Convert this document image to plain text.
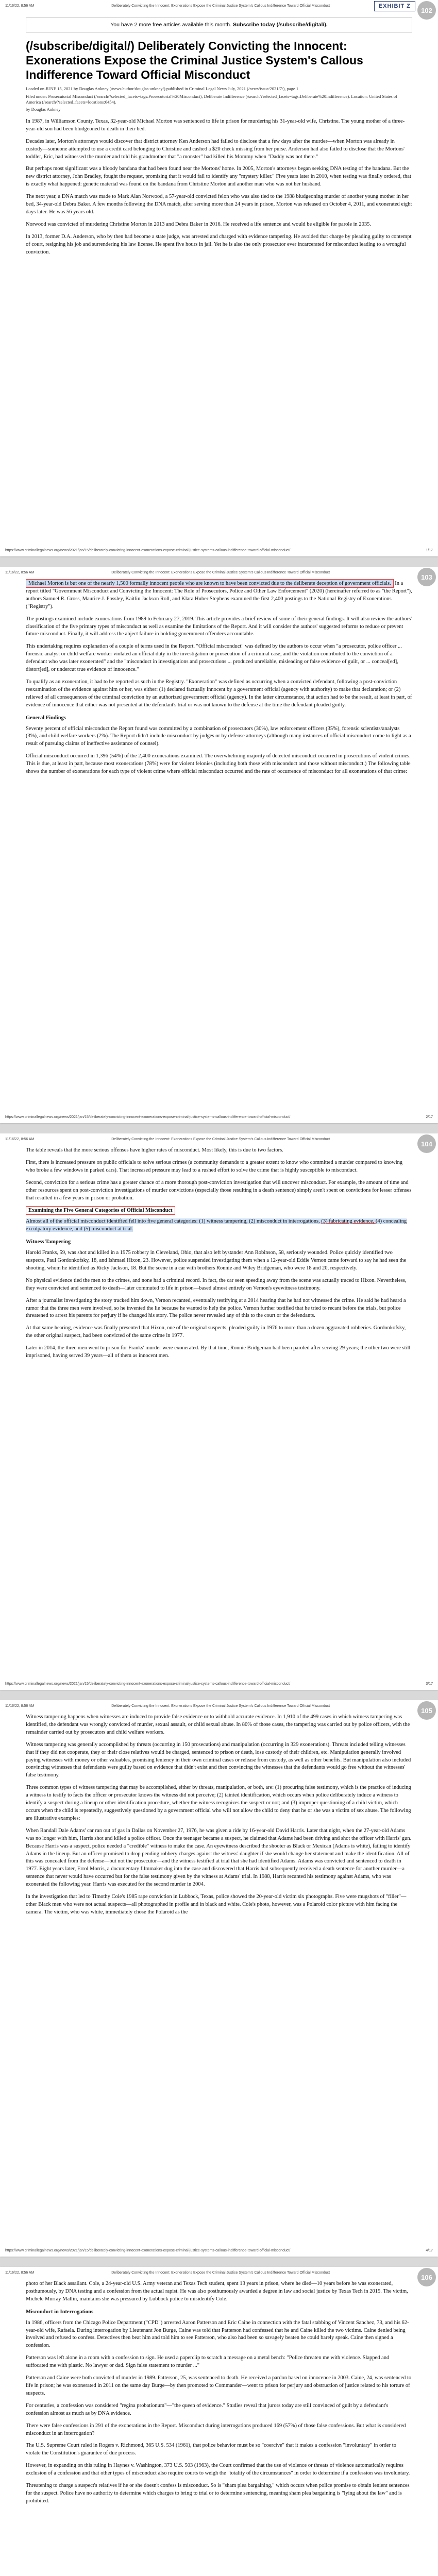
11/16/22, 8:56 AM	Deliberately Convicting the Innocent: Exonerations Expose the Criminal Justice System's Callous Indifference Toward Official Misconduct	EXHIBIT Z
102
You have 2 more free articles available this month. Subscribe today (/subscribe/digital/).
(/subscribe/digital/) Deliberately Convicting the Innocent: Exonerations Expose the Criminal Justice System's Callous Indifference Toward Official Misconduct
Loaded on JUNE 15, 2021 by Douglas Ankney (/news/author/douglas-ankney/) published in Criminal Legal News July, 2021 (/news/issue/2021/7/), page 1
Filed under: Prosecutorial Misconduct (/search/?selected_facets=tags:Prosecutorial%20Misconduct), Deliberate Indifference (/search/?selected_facets=tags:Deliberate%20Indifference). Location: United States of America (/search/?selected_facets=locations:6454).
by Douglas Ankney

In 1987, in Williamson County, Texas, 32-year-old Michael Morton was sentenced to life in prison for murdering his 31-year-old wife, Christine. The young mother of a three-year-old son had been bludgeoned to death in their bed.

Decades later, Morton's attorneys would discover that district attorney Ken Anderson had failed to disclose that a few days after the murder—when Morton was already in custody—someone attempted to use a credit card belonging to Christine and cashed a $20 check missing from her purse. Anderson had also failed to disclose that the Mortons' toddler, Eric, had witnessed the murder and told his grandmother that "a monster" had killed his Mommy when "Daddy was not there."

But perhaps most significant was a bloody bandana that had been found near the Mortons' home. In 2005, Morton's attorneys began seeking DNA testing of the bandana. But the new district attorney, John Bradley, fought the request, promising that it would fail to identify any "mystery killer." Five years later in 2010, when testing was finally ordered, that is exactly what happened: genetic material was found on the bandana from Christine Morton and another man who was not her husband.

The next year, a DNA match was made to Mark Alan Norwood, a 57-year-old convicted felon who was also tied to the 1988 bludgeoning murder of another young mother in her bed, 34-year-old Debra Baker. A few months following the DNA match, after serving more than 24 years in prison, Morton was released on October 4, 2011, and exonerated eight days later. He was 56 years old.

Norwood was convicted of murdering Christine Morton in 2013 and Debra Baker in 2016. He received a life sentence and would be eligible for parole in 2035.

In 2013, former D.A. Anderson, who by then had become a state judge, was arrested and charged with evidence tampering. He avoided that charge by pleading guilty to contempt of court, resigning his job and surrendering his law license. He spent five hours in jail. Yet he is also the only prosecutor ever incarcerated for misconduct leading to a wrongful conviction.

https://www.criminallegalnews.org/news/2021/jan/15/deliberately-convicting-innocent-exonerations-expose-criminal-justice-systems-callous-indifference-toward-official-misconduct/	1/17
11/16/22, 8:56 AM	Deliberately Convicting the Innocent: Exonerations Expose the Criminal Justice System's Callous Indifference Toward Official Misconduct
103

Michael Morton is but one of the nearly 1,500 formally innocent people who are known to have been convicted due to the deliberate deception of government officials. In a report titled "Government Misconduct and Convicting the Innocent: The Role of Prosecutors, Police and Other Law Enforcement" (2020) (hereinafter referred to as "the Report"), authors Samuel R. Gross, Maurice J. Possley, Kaitlin Jackson Roll, and Klara Huber Stephens examined the first 2,400 postings to the National Registry of Exonerations ("Registry").

The postings examined include exonerations from 1989 to February 27, 2019. This article provides a brief review of some of their general findings. It will also review the authors' classification of the five primary types of misconduct as well as examine the limitations of the Report. And it will consider the authors' suggested reforms to reduce or prevent future misconduct. Finally, it will address the abject failure in holding government offenders accountable.

This undertaking requires explanation of a couple of terms used in the Report. "Official misconduct" was defined by the authors to occur when "a prosecutor, police officer ... forensic analyst or child welfare worker violated an official duty in the investigation or prosecution of a criminal case, and the violation contributed to the conviction of a defendant who was later exonerated" and the "misconduct in investigations and prosecutions ... produced unreliable, misleading or false evidence of guilt, or ... conceal[ed], distort[ed], or undercut true evidence of innocence."

To qualify as an exoneration, it had to be reported as such in the Registry. "Exoneration" was defined as occurring when a convicted defendant, following a post-conviction reexamination of the evidence against him or her, was either: (1) declared factually innocent by a government official (agency with authority) to make that declaration; or (2) relieved of all consequences of the criminal conviction by an authorized government official (agency). In the latter circumstance, that action had to be the result, at least in part, of evidence of innocence that either was not presented at the defendant's trial or was not known to the defense at the time the defendant pleaded guilty.

General Findings

Seventy percent of official misconduct the Report found was committed by a combination of prosecutors (30%), law enforcement officers (35%), forensic scientists/analysts (3%), and child welfare workers (2%). The Report didn't include misconduct by judges or by defense attorneys (although many instances of official misconduct come to light as a result of pursuing claims of ineffective assistance of counsel).

Official misconduct occurred in 1,396 (54%) of the 2,400 exonerations examined. The overwhelming majority of detected misconduct occurred in prosecutions of violent crimes. This is due, at least in part, because most exonerations (78%) were for violent felonies (including both those with misconduct and those without misconduct.) The following table shows the number of exonerations for each type of violent crime where official misconduct occurred and the rate of occurrence of misconduct for all exonerations of that crime:

https://www.criminallegalnews.org/news/2021/jan/15/deliberately-convicting-innocent-exonerations-expose-criminal-justice-systems-callous-indifference-toward-official-misconduct/	2/17
11/16/22, 8:56 AM	Deliberately Convicting the Innocent: Exonerations Expose the Criminal Justice System's Callous Indifference Toward Official Misconduct
104

The table reveals that the more serious offenses have higher rates of misconduct. Most likely, this is due to two factors.

First, there is increased pressure on public officials to solve serious crimes (a community demands to a greater extent to know who committed a murder compared to knowing who broke a few windows in parked cars). That increased pressure may lead to a rushed effort to solve the crime that is highly susceptible to misconduct.

Second, conviction for a serious crime has a greater chance of a more thorough post-conviction investigation that will uncover misconduct. For example, the amount of time and other resources spent on post-conviction investigations of murder convictions (especially those resulting in a death sentence) simply aren't spent on convictions for lesser offenses that resulted in a few years in prison or probation.

Examining the Five General Categories of Official Misconduct

Almost all of the official misconduct identified fell into five general categories: (1) witness tampering, (2) misconduct in interrogations, (3) fabricating evidence, (4) concealing exculpatory evidence, and (5) misconduct at trial.

Witness Tampering

Harold Franks, 59, was shot and killed in a 1975 robbery in Cleveland, Ohio, that also left bystander Ann Robinson, 58, seriously wounded. Police quickly identified two suspects, Paul Gordonkofsky, 18, and Ishmael Hixon, 23. However, police suspended investigating them when a 12-year-old Eddie Vernon came forward to say he had seen the shooting, whom he identified as Ricky Jackson, 18. But the scene in a car with brothers Ronnie and Wiley Bridgeman, who were 18 and 20, respectively.

No physical evidence tied the men to the crimes, and none had a criminal record. In fact, the car seen speeding away from the scene was actually traced to Hixon. Nevertheless, they were convicted and sentenced to death—later commuted to life in prison—based almost entirely on Vernon's eyewitness testimony.

After a journalist investigating the story tracked him down, Vernon recanted, eventually testifying at a 2014 hearing that he had not witnessed the crime. He said he had heard a rumor that the three men were involved, so he invented the lie because he wanted to help the police. Vernon further testified that he tried to recant before the trials, but police threatened to arrest his parents for perjury if he changed his story. The police never revealed any of this to the court or the defendants.

At that same hearing, evidence was finally presented that Hixon, one of the original suspects, pleaded guilty in 1976 to more than a dozen aggravated robberies. Gordonkofsky, the other original suspect, had been convicted of the same crime in 1977.

Later in 2014, the three men went to prison for Franks' murder were exonerated. By that time, Ronnie Bridgeman had been paroled after serving 29 years; the other two were still imprisoned, having served 39 years—all of them as innocent men.

https://www.criminallegalnews.org/news/2021/jan/15/deliberately-convicting-innocent-exonerations-expose-criminal-justice-systems-callous-indifference-toward-official-misconduct/	3/17
11/16/22, 8:56 AM	Deliberately Convicting the Innocent: Exonerations Expose the Criminal Justice System's Callous Indifference Toward Official Misconduct
105

Witness tampering happens when witnesses are induced to provide false evidence or to withhold accurate evidence. In 1,910 of the 499 cases in which witness tampering was identified, the defendant was wrongly convicted of murder, sexual assault, or child sexual abuse. In 80% of those cases, the tampering was carried out by police officers, with the remainder carried out by prosecutors and child welfare workers.

Witness tampering was generally accomplished by threats (occurring in 150 prosecutions) and manipulation (occurring in 329 exonerations). Threats included telling witnesses that if they did not cooperate, they or their close relatives would be charged, sentenced to prison or death, lose custody of their children, etc. Manipulation generally involved paying witnesses with money or other valuables, promising leniency in their own criminal cases or release from custody, as well as other benefits. But manipulation also included convincing witnesses that defendants were guilty based on evidence that didn't exist and then convincing the witnesses that the defendants would go free without the witnesses' false testimony.

Three common types of witness tampering that may be accomplished, either by threats, manipulation, or both, are: (1) procuring false testimony, which is the practice of inducing a witness to testify to facts the officer or prosecutor knows the witness did not perceive; (2) tainted identification, which occurs when police deliberately induce a witness to identify a suspect during a lineup or other identification procedure, whether the witness recognizes the suspect or not; and (3) improper questioning of a child victim, which occurs when the child is repeatedly, suggestively questioned by a government official who will not allow the child to deny that he or she was a victim of sex abuse. The following are illustrative examples:

When Randall Dale Adams' car ran out of gas in Dallas on November 27, 1976, he was given a ride by 16-year-old David Harris. Later that night, when the 27-year-old Adams was no longer with him, Harris shot and killed a police officer. Once the teenager became a suspect, he claimed that Adams had been driving and shot the officer with Harris' gun. Because Harris was a suspect, police needed a "credible" witness to make the case. An eyewitness described the shooter as Black or Mexican (Adams is white), failing to identify Adams in the lineup. But an officer promised to drop pending robbery charges against the witness' daughter if she would change her statement and make the identification. All of this was concealed from the defense—but not the prosecutor—and the witness testified at trial that she had identified Adams. Adams was convicted and sentenced to death in 1977. Eight years later, Errol Morris, a documentary filmmaker dug into the case and discovered that Harris had subsequently received a death sentence for another murder—a sentence that never would have occurred but for the false testimony given by the witness at Adams' trial. In 1988, Harris recanted his testimony against Adams, who was exonerated the following year. Harris was executed for the second murder in 2004.

In the investigation that led to Timothy Cole's 1985 rape conviction in Lubbock, Texas, police showed the 20-year-old victim six photographs. Five were mugshots of "filler"—other Black men who were not actual suspects—all photographed in profile and in black and white. Cole's photo, however, was a Polaroid color picture with him facing the camera. The victim, who was white, immediately chose the Polaroid as the

https://www.criminallegalnews.org/news/2021/jan/15/deliberately-convicting-innocent-exonerations-expose-criminal-justice-systems-callous-indifference-toward-official-misconduct/	4/17
11/16/22, 8:56 AM	Deliberately Convicting the Innocent: Exonerations Expose the Criminal Justice System's Callous Indifference Toward Official Misconduct
106

photo of her Black assailant. Cole, a 24-year-old U.S. Army veteran and Texas Tech student, spent 13 years in prison, where he died—10 years before he was exonerated, posthumously, by DNA testing and a confession from the actual rapist. He was also posthumously awarded a degree in law and social justice by Texas Tech in 2015. The victim, Michele Murray Mallin, maintains she was pressured by Lubbock police to misidentify Cole.

Misconduct in Interrogations

In 1986, officers from the Chicago Police Department ("CPD") arrested Aaron Patterson and Eric Caine in connection with the fatal stabbing of Vincent Sanchez, 73, and his 62-year-old wife, Rafaela. During interrogation by Lieutenant Jon Burge, Caine was told that Patterson had confessed that he and Caine killed the two victims. Caine denied being involved and refused to confess. Detectives then beat him and told him to see Patterson, who also had been so savagely beaten he could barely speak. Caine then signed a confession.

Patterson was left alone in a room with a confession to sign. He used a paperclip to scratch a message on a metal bench: "Police threaten me with violence. Slapped and suffocated me with plastic. No lawyer or dad. Sign false statement to murder ..."

Patterson and Caine were both convicted of murder in 1989. Patterson, 25, was sentenced to death. He received a pardon based on innocence in 2003. Caine, 24, was sentenced to life in prison; he was exonerated in 2011 on the same day Burge—by then promoted to Commander—went to prison for perjury and obstruction of justice related to his torture of suspects.

For centuries, a confession was considered "regina probationum"—"the queen of evidence." Studies reveal that jurors today are still convinced of guilt by a defendant's confession almost as much as by DNA evidence.

There were false confessions in 291 of the exonerations in the Report. Misconduct during interrogations produced 169 (57%) of those false confessions. But what is considered misconduct in an interrogation?

The U.S. Supreme Court ruled in Rogers v. Richmond, 365 U.S. 534 (1961), that police behavior must be so "coercive" that it makes a confession "involuntary" in order to violate the Constitution's guarantee of due process.

However, in expanding on this ruling in Haynes v. Washington, 373 U.S. 503 (1963), the Court confirmed that the use of violence or threats of violence automatically requires exclusion of a confession and that other types of misconduct also require courts to weigh the "totality of the circumstances" in order to determine if a confession was involuntary.

Threatening to charge a suspect's relatives if he or she doesn't confess is misconduct. So is "sham plea bargaining," which occurs when police promise to obtain lenient sentences for the suspect. Police have no authority to determine which charges to bring to trial or to determine sentencing, meaning sham plea bargaining is "lying about the law" and is prohibited.
